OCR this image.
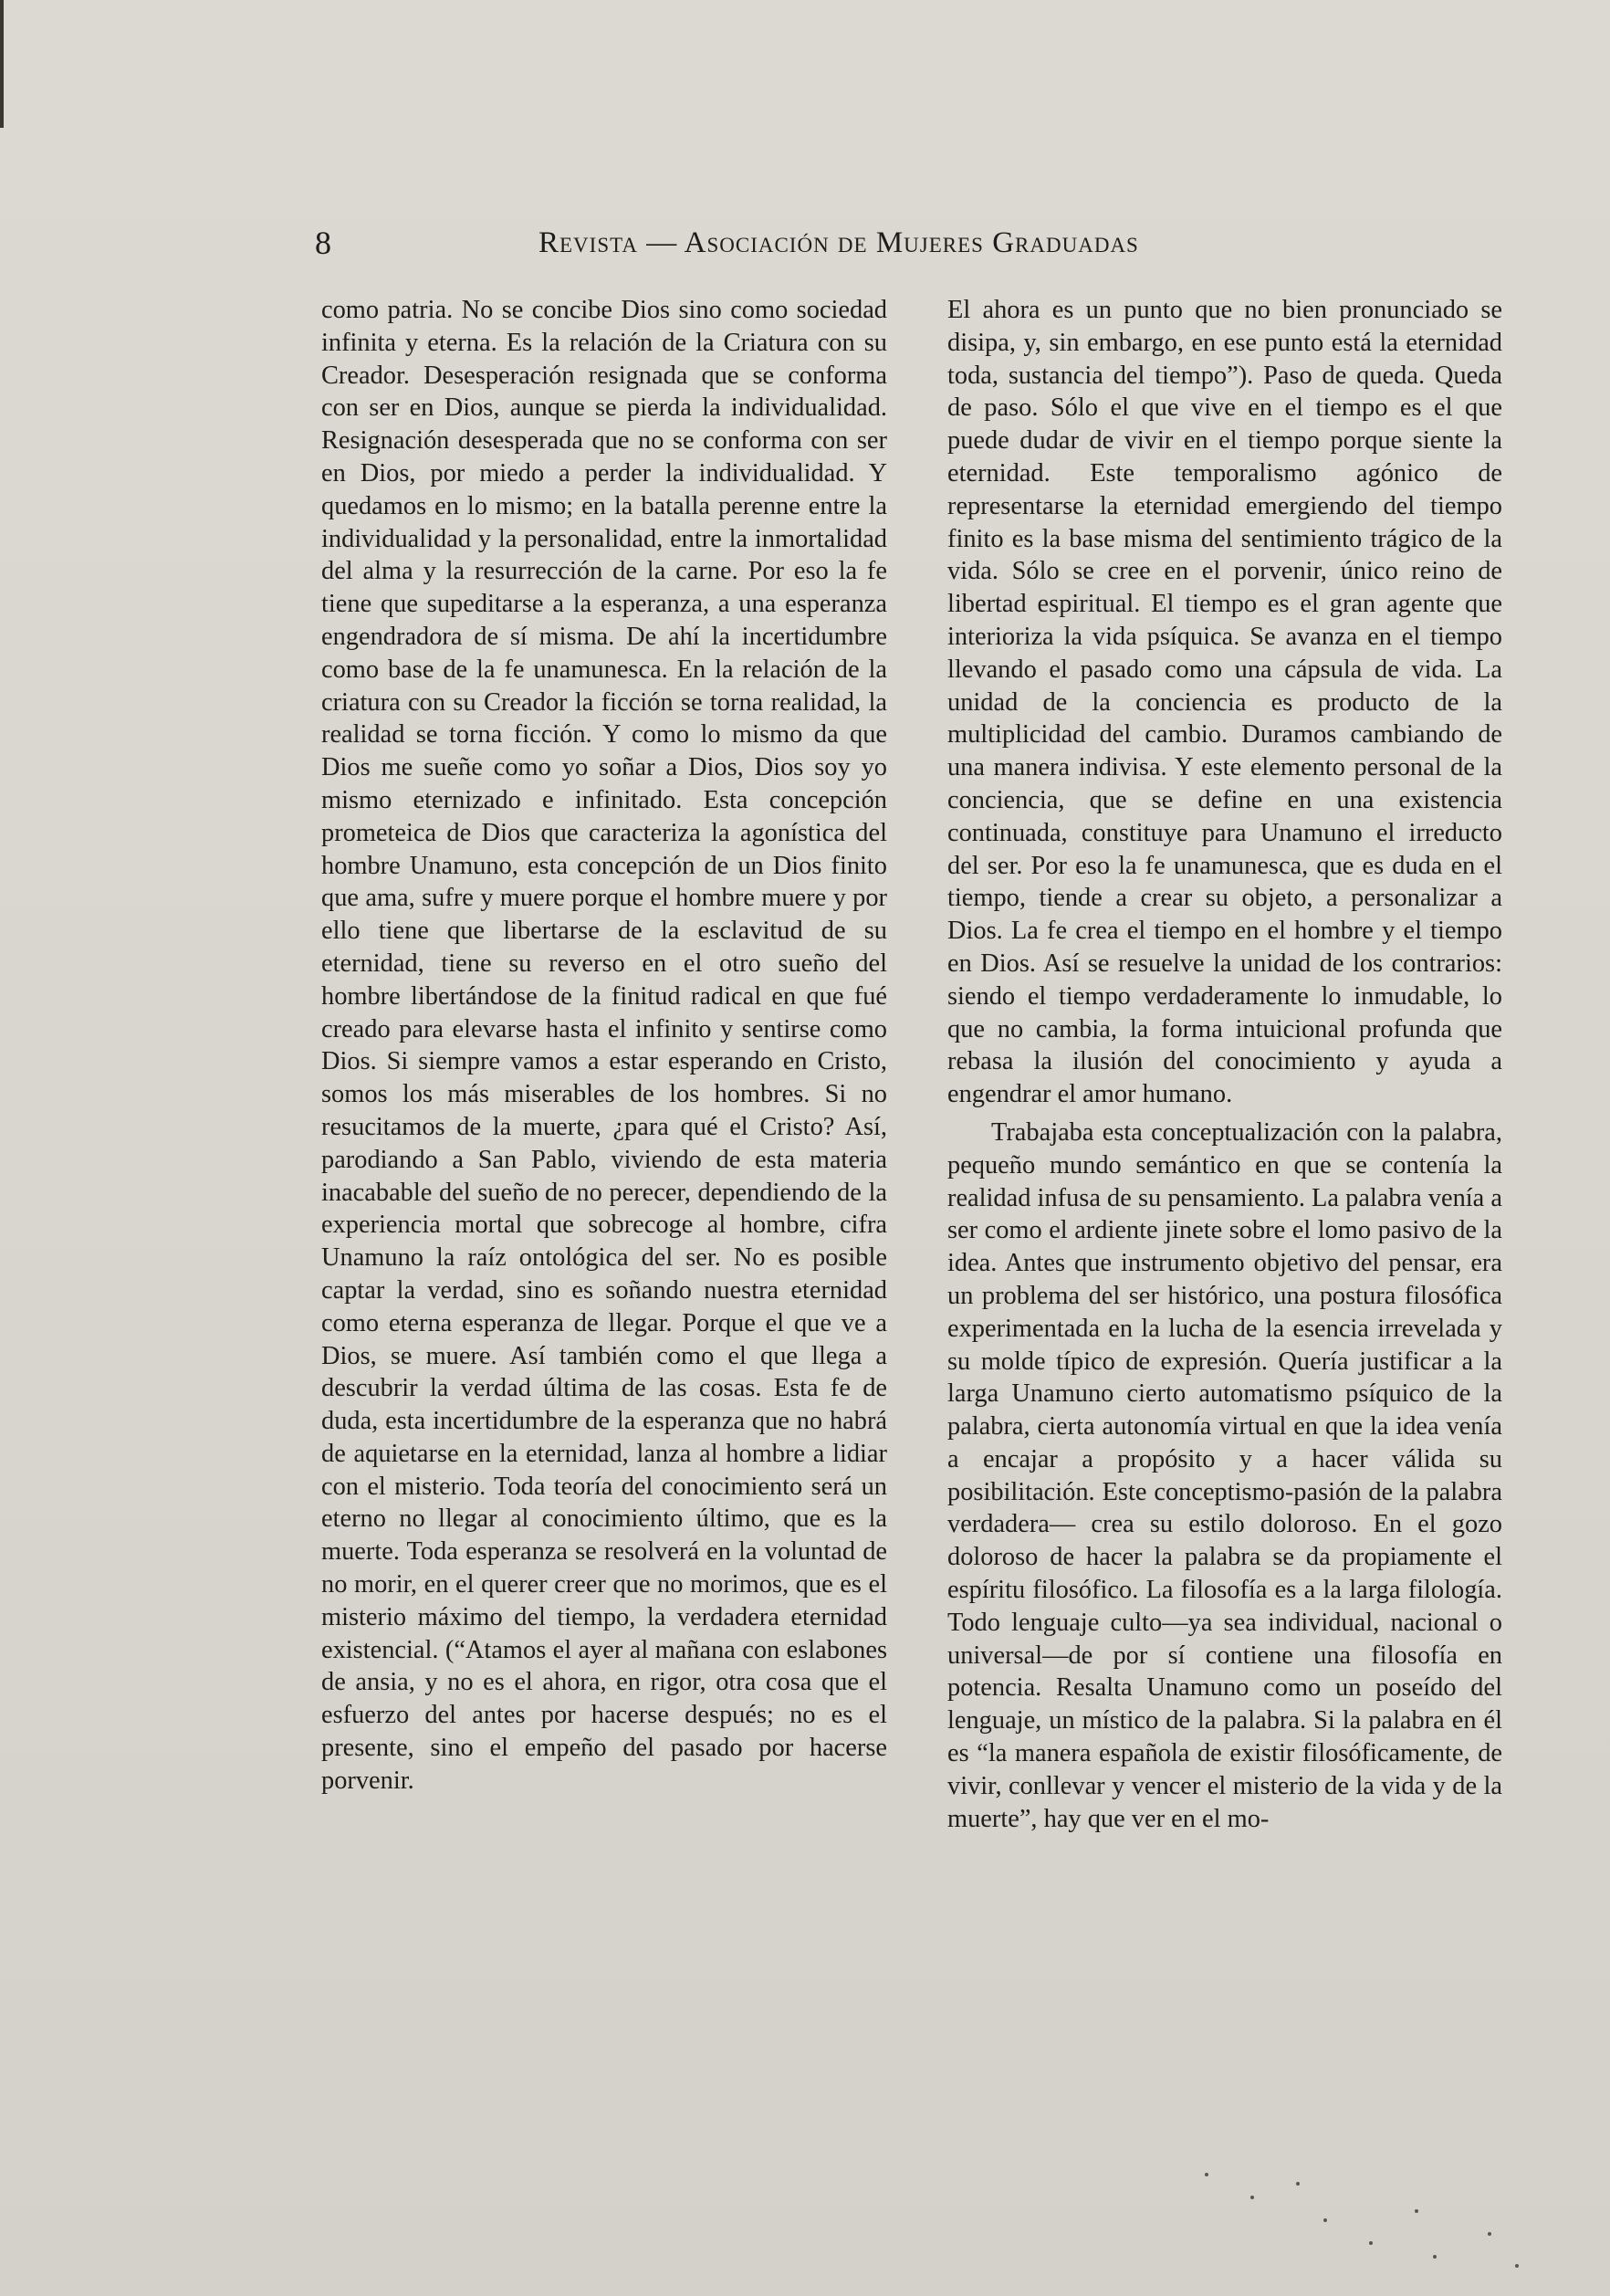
8	Revista — Asociación de Mujeres Graduadas

como patria. No se concibe Dios sino como sociedad infinita y eterna. Es la relación de la Criatura con su Creador. Desesperación resignada que se conforma con ser en Dios, aunque se pierda la individualidad. Resignación desesperada que no se conforma con ser en Dios, por miedo a perder la individualidad. Y quedamos en lo mismo; en la batalla perenne entre la individualidad y la personalidad, entre la inmortalidad del alma y la resurrección de la carne. Por eso la fe tiene que supeditarse a la esperanza, a una esperanza engendradora de sí misma. De ahí la incertidumbre como base de la fe unamunesca. En la relación de la criatura con su Creador la ficción se torna realidad, la realidad se torna ficción. Y como lo mismo da que Dios me sueñe como yo soñar a Dios, Dios soy yo mismo eternizado e infinitado. Esta concepción prometeica de Dios que caracteriza la agonística del hombre Unamuno, esta concepción de un Dios finito que ama, sufre y muere porque el hombre muere y por ello tiene que libertarse de la esclavitud de su eternidad, tiene su reverso en el otro sueño del hombre libertándose de la finitud radical en que fué creado para elevarse hasta el infinito y sentirse como Dios. Si siempre vamos a estar esperando en Cristo, somos los más miserables de los hombres. Si no resucitamos de la muerte, ¿para qué el Cristo? Así, parodiando a San Pablo, viviendo de esta materia inacabable del sueño de no perecer, dependiendo de la experiencia mortal que sobrecoge al hombre, cifra Unamuno la raíz ontológica del ser. No es posible captar la verdad, sino es soñando nuestra eternidad como eterna esperanza de llegar. Porque el que ve a Dios, se muere. Así también como el que llega a descubrir la verdad última de las cosas. Esta fe de duda, esta incertidumbre de la esperanza que no habrá de aquietarse en la eternidad, lanza al hombre a lidiar con el misterio. Toda teoría del conocimiento será un eterno no llegar al conocimiento último, que es la muerte. Toda esperanza se resolverá en la voluntad de no morir, en el querer creer que no morimos, que es el misterio máximo del tiempo, la verdadera eternidad existencial. (“Atamos el ayer al mañana con eslabones de ansia, y no es el ahora, en rigor, otra cosa que el esfuerzo del antes por hacerse después; no es el presente, sino el empeño del pasado por hacerse porvenir.

El ahora es un punto que no bien pronunciado se disipa, y, sin embargo, en ese punto está la eternidad toda, sustancia del tiempo”). Paso de queda. Queda de paso. Sólo el que vive en el tiempo es el que puede dudar de vivir en el tiempo porque siente la eternidad. Este temporalismo agónico de representarse la eternidad emergiendo del tiempo finito es la base misma del sentimiento trágico de la vida. Sólo se cree en el porvenir, único reino de libertad espiritual. El tiempo es el gran agente que interioriza la vida psíquica. Se avanza en el tiempo llevando el pasado como una cápsula de vida. La unidad de la conciencia es producto de la multiplicidad del cambio. Duramos cambiando de una manera indivisa. Y este elemento personal de la conciencia, que se define en una existencia continuada, constituye para Unamuno el irreducto del ser. Por eso la fe unamunesca, que es duda en el tiempo, tiende a crear su objeto, a personalizar a Dios. La fe crea el tiempo en el hombre y el tiempo en Dios. Así se resuelve la unidad de los contrarios: siendo el tiempo verdaderamente lo inmudable, lo que no cambia, la forma intuicional profunda que rebasa la ilusión del conocimiento y ayuda a engendrar el amor humano.

Trabajaba esta conceptualización con la palabra, pequeño mundo semántico en que se contenía la realidad infusa de su pensamiento. La palabra venía a ser como el ardiente jinete sobre el lomo pasivo de la idea. Antes que instrumento objetivo del pensar, era un problema del ser histórico, una postura filosófica experimentada en la lucha de la esencia irrevelada y su molde típico de expresión. Quería justificar a la larga Unamuno cierto automatismo psíquico de la palabra, cierta autonomía virtual en que la idea venía a encajar a propósito y a hacer válida su posibilitación. Este conceptismo-pasión de la palabra verdadera— crea su estilo doloroso. En el gozo doloroso de hacer la palabra se da propiamente el espíritu filosófico. La filosofía es a la larga filología. Todo lenguaje culto—ya sea individual, nacional o universal—de por sí contiene una filosofía en potencia. Resalta Unamuno como un poseído del lenguaje, un místico de la palabra. Si la palabra en él es “la manera española de existir filosóficamente, de vivir, conllevar y vencer el misterio de la vida y de la muerte”, hay que ver en el mo-
